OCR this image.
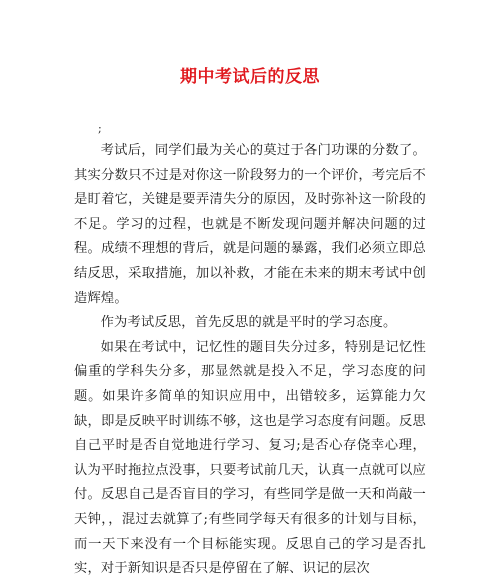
期中考试后的反思
;

考试后，同学们最为关心的莫过于各门功课的分数了。其实分数只不过是对你这一阶段努力的一个评价，考完后不是盯着它，关键是要弄清失分的原因，及时弥补这一阶段的不足。学习的过程，也就是不断发现问题并解决问题的过程。成绩不理想的背后，就是问题的暴露，我们必须立即总结反思，采取措施，加以补救，才能在未来的期末考试中创造辉煌。

作为考试反思，首先反思的就是平时的学习态度。

如果在考试中，记忆性的题目失分过多，特别是记忆性偏重的学科失分多，那显然就是投入不足，学习态度的问题。如果许多简单的知识应用中，出错较多，运算能力欠缺，即是反映平时训练不够，这也是学习态度有问题。反思自己平时是否自觉地进行学习、复习;是否心存侥幸心理，认为平时拖拉点没事，只要考试前几天，认真一点就可以应付。反思自己是否盲目的学习，有些同学是做一天和尚敲一天钟，，混过去就算了;有些同学每天有很多的计划与目标，而一天下来没有一个目标能实现。反思自己的学习是否扎实，对于新知识是否只是停留在了解、识记的层次
